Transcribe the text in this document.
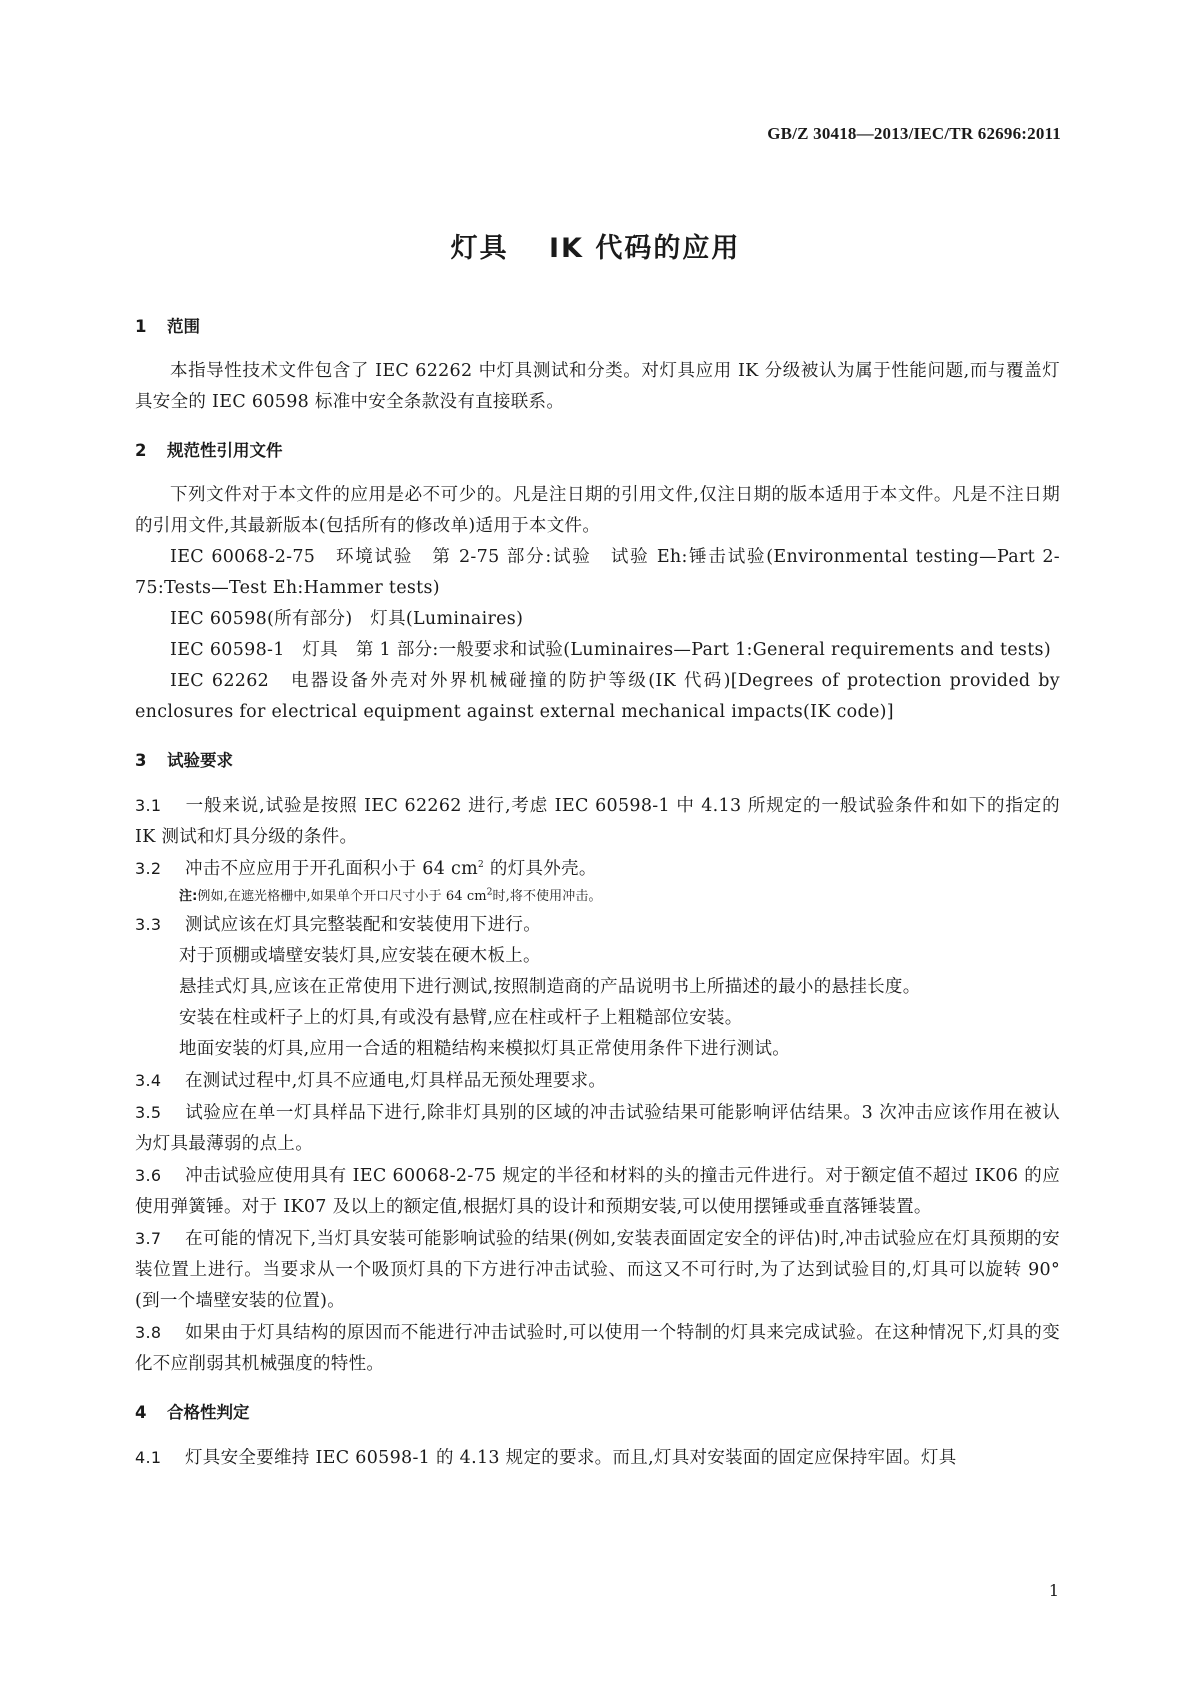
GB/Z 30418—2013/IEC/TR 62696:2011
灯具　 IK 代码的应用
1 范围

本指导性技术文件包含了 IEC 62262 中灯具测试和分类。对灯具应用 IK 分级被认为属于性能问题,而与覆盖灯具安全的 IEC 60598 标准中安全条款没有直接联系。

2 规范性引用文件

下列文件对于本文件的应用是必不可少的。凡是注日期的引用文件,仅注日期的版本适用于本文件。凡是不注日期的引用文件,其最新版本(包括所有的修改单)适用于本文件。

IEC 60068-2-75　环境试验　第 2-75 部分:试验　试验 Eh:锤击试验(Environmental testing—Part 2-75:Tests—Test Eh:Hammer tests)

IEC 60598(所有部分)　灯具(Luminaires)

IEC 60598-1　灯具　第 1 部分:一般要求和试验(Luminaires—Part 1:General requirements and tests)

IEC 62262　电器设备外壳对外界机械碰撞的防护等级(IK 代码)[Degrees of protection provided by enclosures for electrical equipment against external mechanical impacts(IK code)]

3 试验要求

3.1 一般来说,试验是按照 IEC 62262 进行,考虑 IEC 60598-1 中 4.13 所规定的一般试验条件和如下的指定的 IK 测试和灯具分级的条件。

3.2 冲击不应应用于开孔面积小于 64 $cm^2$ 的灯具外壳。

注:例如,在遮光格栅中,如果单个开口尺寸小于 64 $cm^2$时,将不使用冲击。

3.3 测试应该在灯具完整装配和安装使用下进行。

对于顶棚或墙壁安装灯具,应安装在硬木板上。

悬挂式灯具,应该在正常使用下进行测试,按照制造商的产品说明书上所描述的最小的悬挂长度。

安装在柱或杆子上的灯具,有或没有悬臂,应在柱或杆子上粗糙部位安装。

地面安装的灯具,应用一合适的粗糙结构来模拟灯具正常使用条件下进行测试。

3.4 在测试过程中,灯具不应通电,灯具样品无预处理要求。

3.5 试验应在单一灯具样品下进行,除非灯具别的区域的冲击试验结果可能影响评估结果。3 次冲击应该作用在被认为灯具最薄弱的点上。

3.6 冲击试验应使用具有 IEC 60068-2-75 规定的半径和材料的头的撞击元件进行。对于额定值不超过 IK06 的应使用弹簧锤。对于 IK07 及以上的额定值,根据灯具的设计和预期安装,可以使用摆锤或垂直落锤装置。

3.7 在可能的情况下,当灯具安装可能影响试验的结果(例如,安装表面固定安全的评估)时,冲击试验应在灯具预期的安装位置上进行。当要求从一个吸顶灯具的下方进行冲击试验、而这又不可行时,为了达到试验目的,灯具可以旋转 90°(到一个墙壁安装的位置)。

3.8 如果由于灯具结构的原因而不能进行冲击试验时,可以使用一个特制的灯具来完成试验。在这种情况下,灯具的变化不应削弱其机械强度的特性。

4 合格性判定

4.1 灯具安全要维持 IEC 60598-1 的 4.13 规定的要求。而且,灯具对安装面的固定应保持牢固。灯具

1
